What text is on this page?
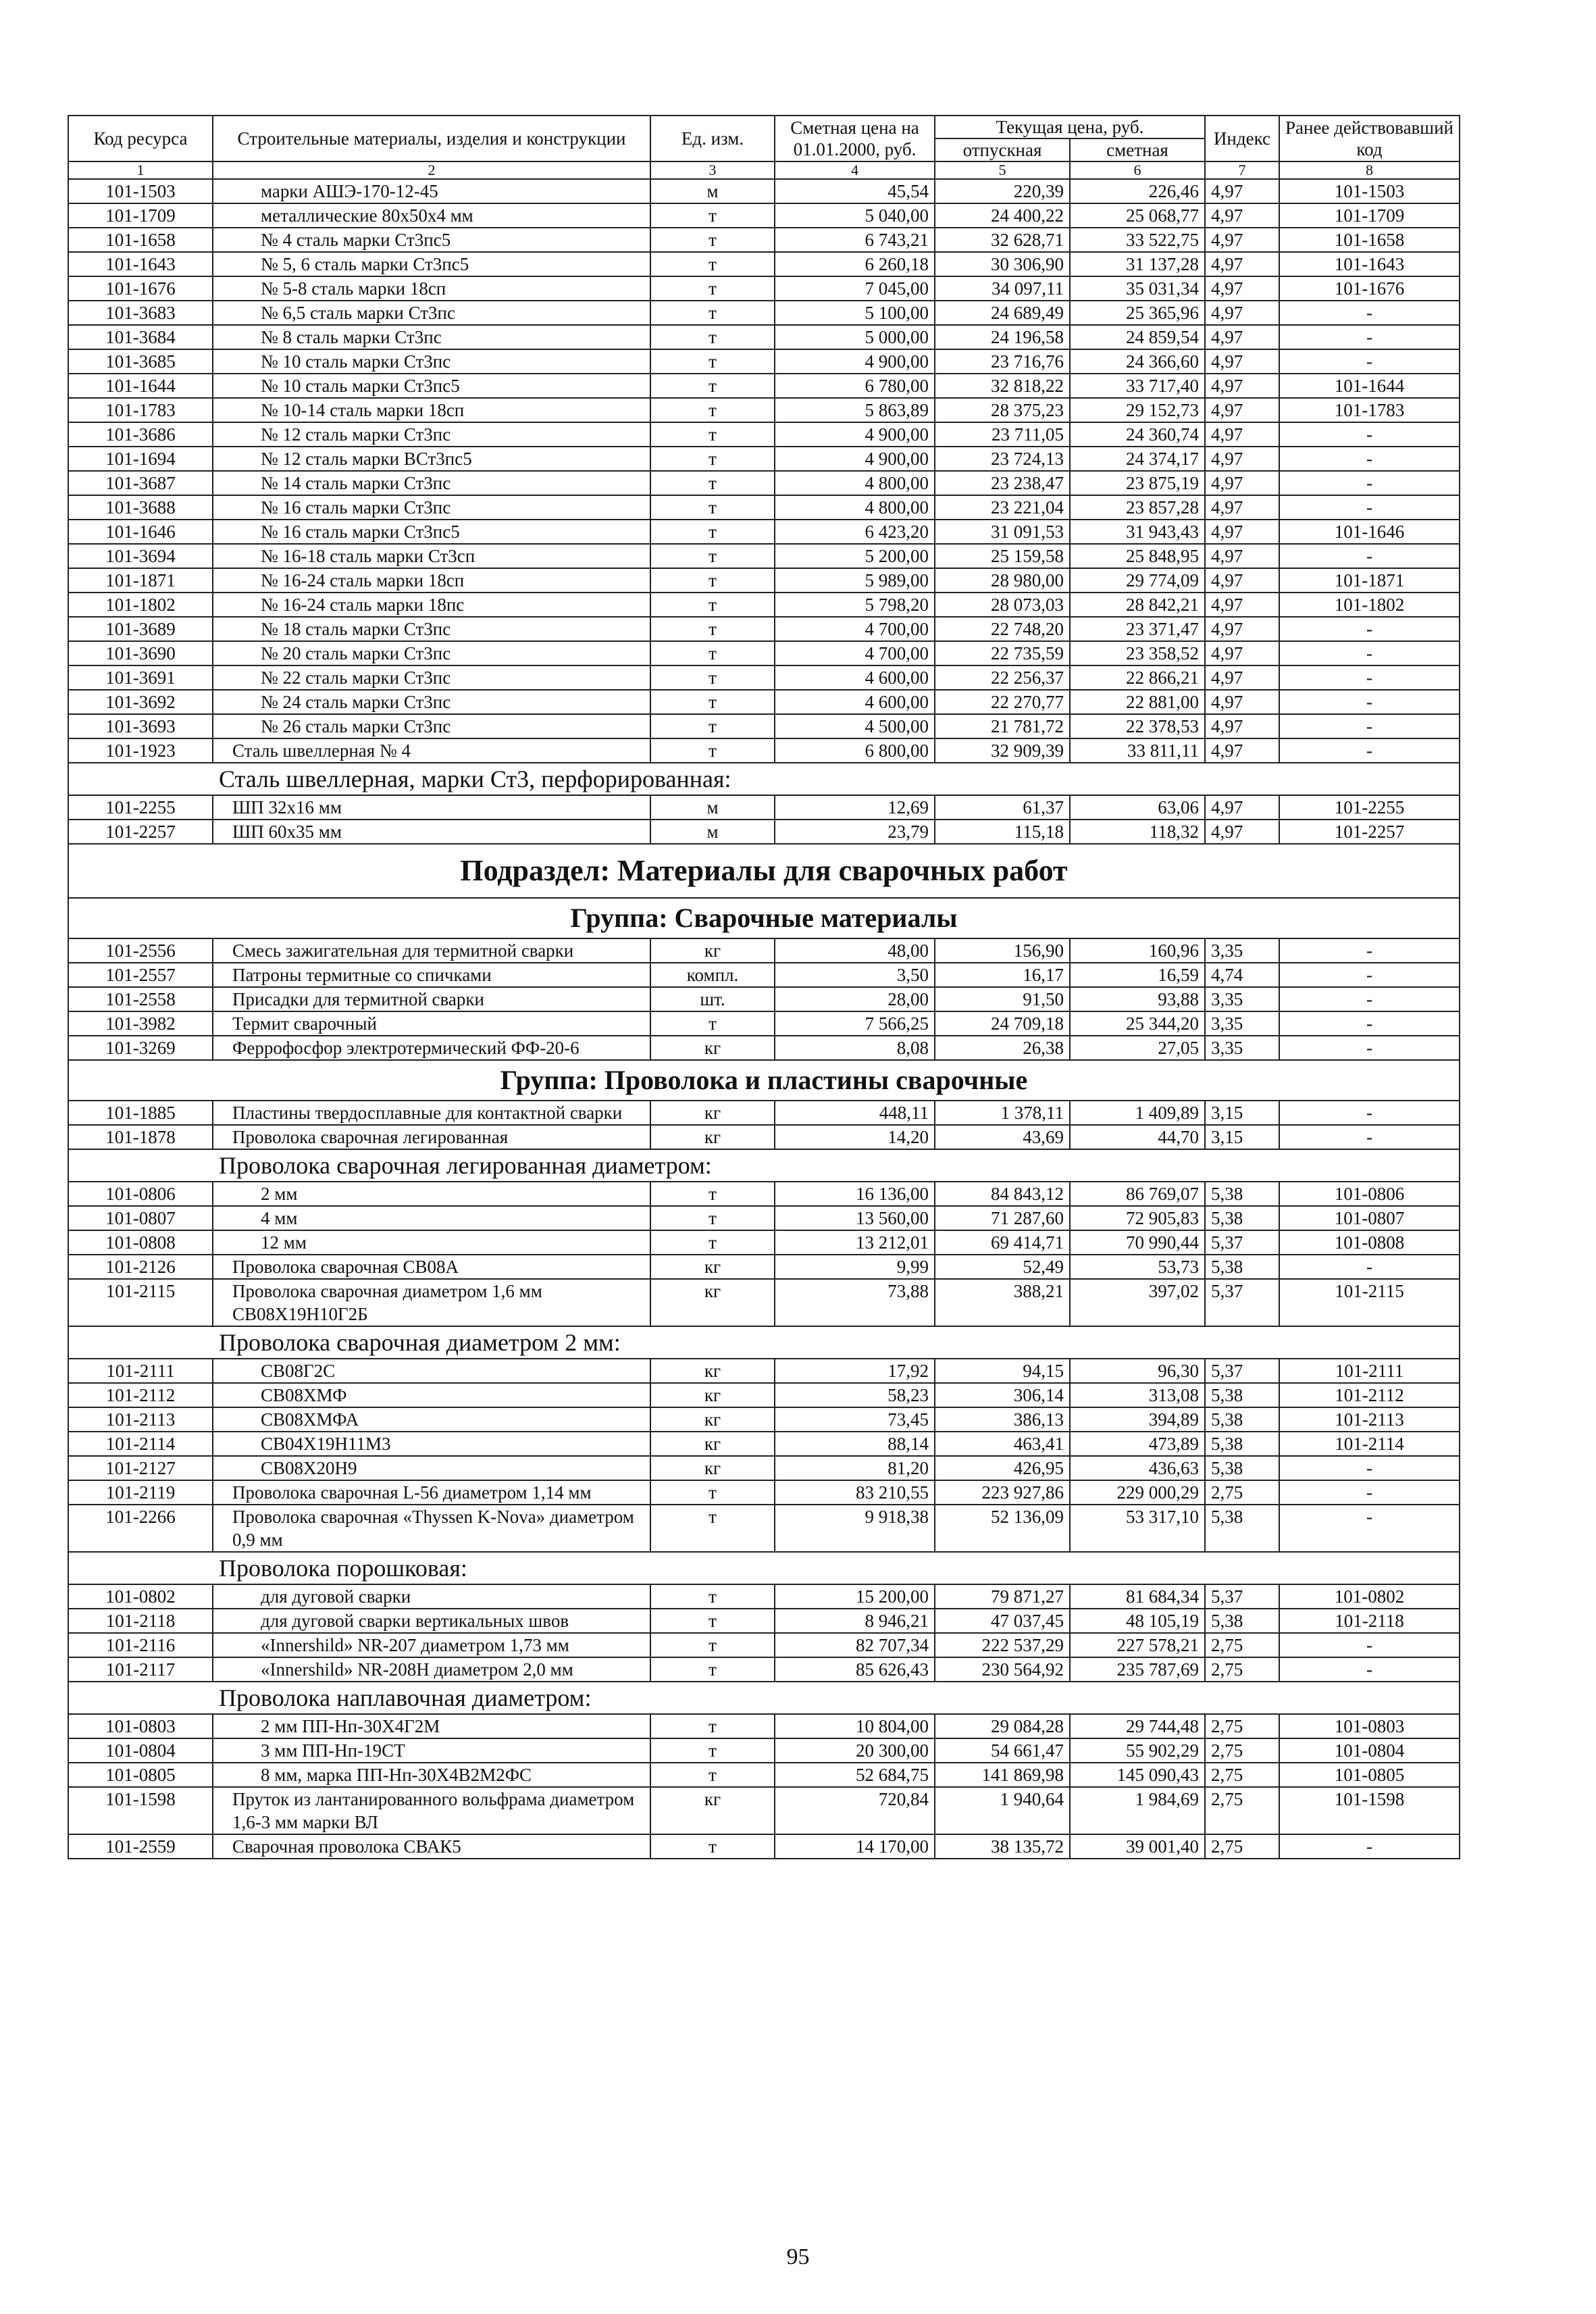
Код ресурса	Строительные материалы, изделия и конструкции	Ед. изм.	Сметная цена на 01.01.2000, руб.	Текущая цена, руб.		Индекс	Ранее действовавший код
				отпускная	сметная		
1	2	3	4	5	6	7	8
101-1503	марки АШЭ-170-12-45	м	45,54	220,39	226,46	4,97	101-1503
101-1709	металлические 80х50х4 мм	т	5 040,00	24 400,22	25 068,77	4,97	101-1709
101-1658	№ 4 сталь марки Ст3пс5	т	6 743,21	32 628,71	33 522,75	4,97	101-1658
101-1643	№ 5, 6 сталь марки Ст3пс5	т	6 260,18	30 306,90	31 137,28	4,97	101-1643
101-1676	№ 5-8 сталь марки 18сп	т	7 045,00	34 097,11	35 031,34	4,97	101-1676
101-3683	№ 6,5 сталь марки Ст3пс	т	5 100,00	24 689,49	25 365,96	4,97	-
101-3684	№ 8 сталь марки Ст3пс	т	5 000,00	24 196,58	24 859,54	4,97	-
101-3685	№ 10 сталь марки Ст3пс	т	4 900,00	23 716,76	24 366,60	4,97	-
101-1644	№ 10 сталь марки Ст3пс5	т	6 780,00	32 818,22	33 717,40	4,97	101-1644
101-1783	№ 10-14 сталь марки 18сп	т	5 863,89	28 375,23	29 152,73	4,97	101-1783
101-3686	№ 12 сталь марки Ст3пс	т	4 900,00	23 711,05	24 360,74	4,97	-
101-1694	№ 12 сталь марки ВСт3пс5	т	4 900,00	23 724,13	24 374,17	4,97	-
101-3687	№ 14 сталь марки Ст3пс	т	4 800,00	23 238,47	23 875,19	4,97	-
101-3688	№ 16 сталь марки Ст3пс	т	4 800,00	23 221,04	23 857,28	4,97	-
101-1646	№ 16 сталь марки Ст3пс5	т	6 423,20	31 091,53	31 943,43	4,97	101-1646
101-3694	№ 16-18 сталь марки Ст3сп	т	5 200,00	25 159,58	25 848,95	4,97	-
101-1871	№ 16-24 сталь марки 18сп	т	5 989,00	28 980,00	29 774,09	4,97	101-1871
101-1802	№ 16-24 сталь марки 18пс	т	5 798,20	28 073,03	28 842,21	4,97	101-1802
101-3689	№ 18 сталь марки Ст3пс	т	4 700,00	22 748,20	23 371,47	4,97	-
101-3690	№ 20 сталь марки Ст3пс	т	4 700,00	22 735,59	23 358,52	4,97	-
101-3691	№ 22 сталь марки Ст3пс	т	4 600,00	22 256,37	22 866,21	4,97	-
101-3692	№ 24 сталь марки Ст3пс	т	4 600,00	22 270,77	22 881,00	4,97	-
101-3693	№ 26 сталь марки Ст3пс	т	4 500,00	21 781,72	22 378,53	4,97	-
101-1923	Сталь швеллерная № 4	т	6 800,00	32 909,39	33 811,11	4,97	-
Сталь швеллерная, марки Ст3, перфорированная:							
101-2255	ШП 32х16 мм	м	12,69	61,37	63,06	4,97	101-2255
101-2257	ШП 60х35 мм	м	23,79	115,18	118,32	4,97	101-2257
Подраздел: Материалы для сварочных работ							
Группа: Сварочные материалы							
101-2556	Смесь зажигательная для термитной сварки	кг	48,00	156,90	160,96	3,35	-
101-2557	Патроны термитные со спичками	компл.	3,50	16,17	16,59	4,74	-
101-2558	Присадки для термитной сварки	шт.	28,00	91,50	93,88	3,35	-
101-3982	Термит сварочный	т	7 566,25	24 709,18	25 344,20	3,35	-
101-3269	Феррофосфор электротермический ФФ-20-6	кг	8,08	26,38	27,05	3,35	-
Группа: Проволока и пластины сварочные							
101-1885	Пластины твердосплавные для контактной сварки	кг	448,11	1 378,11	1 409,89	3,15	-
101-1878	Проволока сварочная легированная	кг	14,20	43,69	44,70	3,15	-
Проволока сварочная легированная диаметром:							
101-0806	2 мм	т	16 136,00	84 843,12	86 769,07	5,38	101-0806
101-0807	4 мм	т	13 560,00	71 287,60	72 905,83	5,38	101-0807
101-0808	12 мм	т	13 212,01	69 414,71	70 990,44	5,37	101-0808
101-2126	Проволока сварочная СВ08А	кг	9,99	52,49	53,73	5,38	-
101-2115	Проволока сварочная диаметром 1,6 мм СВ08Х19Н10Г2Б	кг	73,88	388,21	397,02	5,37	101-2115
Проволока сварочная диаметром 2 мм:							
101-2111	СВ08Г2С	кг	17,92	94,15	96,30	5,37	101-2111
101-2112	СВ08ХМФ	кг	58,23	306,14	313,08	5,38	101-2112
101-2113	СВ08ХМФА	кг	73,45	386,13	394,89	5,38	101-2113
101-2114	СВ04Х19Н11М3	кг	88,14	463,41	473,89	5,38	101-2114
101-2127	СВ08Х20Н9	кг	81,20	426,95	436,63	5,38	-
101-2119	Проволока сварочная L-56 диаметром 1,14 мм	т	83 210,55	223 927,86	229 000,29	2,75	-
101-2266	Проволока сварочная «Thyssen K-Nova» диаметром 0,9 мм	т	9 918,38	52 136,09	53 317,10	5,38	-
Проволока порошковая:							
101-0802	для дуговой сварки	т	15 200,00	79 871,27	81 684,34	5,37	101-0802
101-2118	для дуговой сварки вертикальных швов	т	8 946,21	47 037,45	48 105,19	5,38	101-2118
101-2116	«Innershild» NR-207 диаметром 1,73 мм	т	82 707,34	222 537,29	227 578,21	2,75	-
101-2117	«Innershild» NR-208H диаметром 2,0 мм	т	85 626,43	230 564,92	235 787,69	2,75	-
Проволока наплавочная диаметром:							
101-0803	2 мм ПП-Нп-30Х4Г2М	т	10 804,00	29 084,28	29 744,48	2,75	101-0803
101-0804	3 мм ПП-Нп-19СТ	т	20 300,00	54 661,47	55 902,29	2,75	101-0804
101-0805	8 мм, марка ПП-Нп-30Х4В2М2ФС	т	52 684,75	141 869,98	145 090,43	2,75	101-0805
101-1598	Пруток из лантанированного вольфрама диаметром 1,6-3 мм марки ВЛ	кг	720,84	1 940,64	1 984,69	2,75	101-1598
101-2559	Сварочная проволока СВАК5	т	14 170,00	38 135,72	39 001,40	2,75	-
95
